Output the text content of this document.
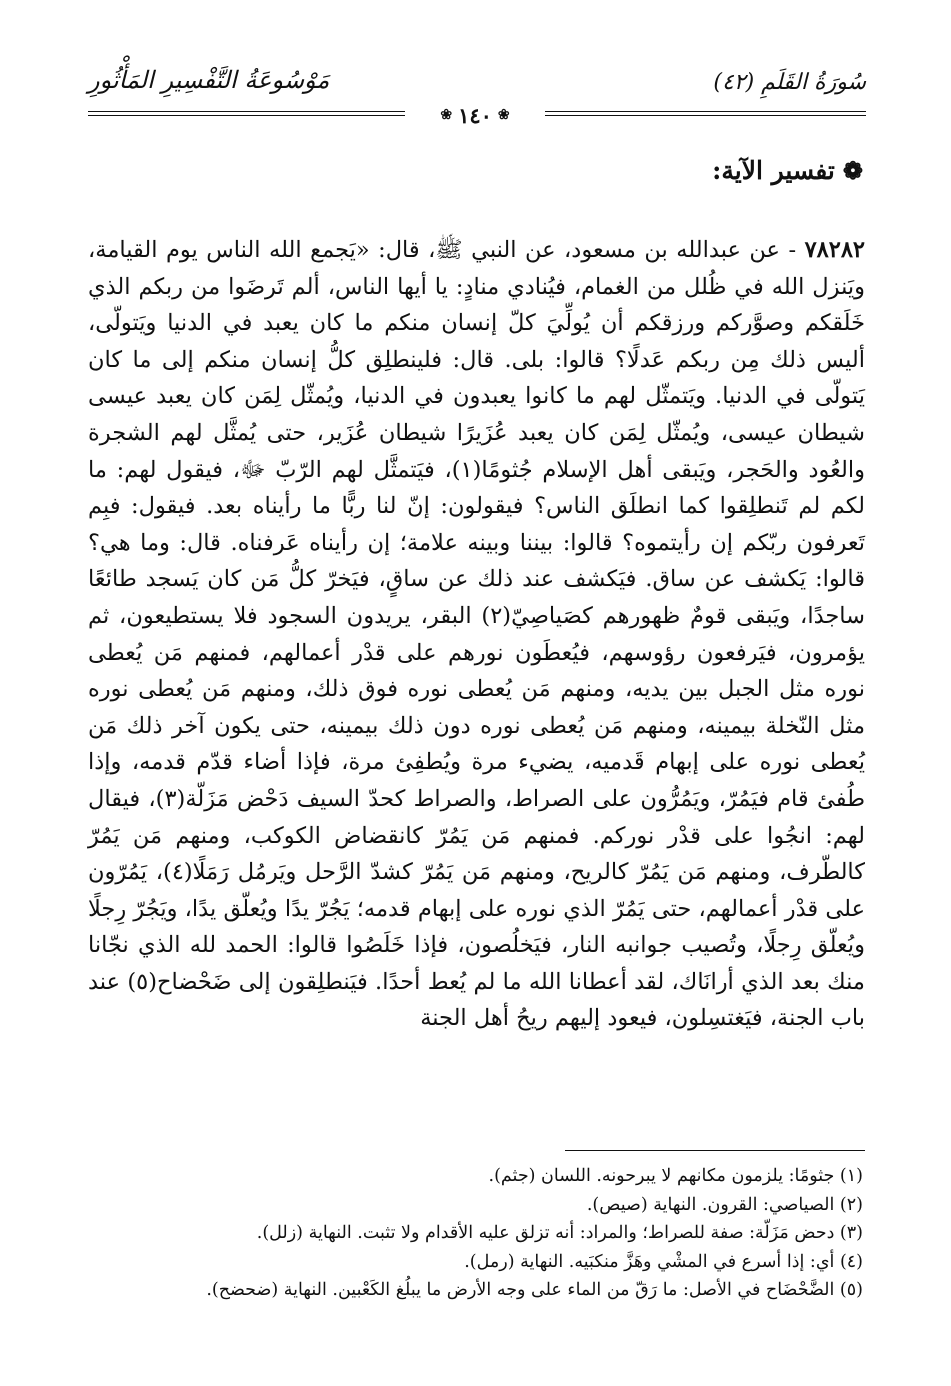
سُورَةُ القَلَمِ (٤٢)
مَوْسُوعَةُ التَّفْسِيرِ المَأْثُورِ
❀
١٤٠
❀
❁
تفسير الآية:

٧٨٢٨٢ - عن عبدالله بن مسعود، عن النبي ﷺ، قال: «يَجمع الله الناس يوم القيامة، ويَنزل الله في ظُلل من الغمام، فيُنادي منادٍ: يا أيها الناس، ألم تَرضَوا من ربكم الذي خَلَقكم وصوَّركم ورزقكم أن يُولِّيَ كلّ إنسان منكم ما كان يعبد في الدنيا ويَتولّى، أليس ذلك مِن ربكم عَدلًا؟ قالوا: بلى. قال: فلينطلِق كلُّ إنسان منكم إلى ما كان يَتولّى في الدنيا. ويَتمثّل لهم ما كانوا يعبدون في الدنيا، ويُمثّل لِمَن كان يعبد عيسى شيطان عيسى، ويُمثّل لِمَن كان يعبد عُزَيرًا شيطان عُزَير، حتى يُمثَّل لهم الشجرة والعُود والحَجر، ويَبقى أهل الإسلام جُثومًا(١)، فيَتمثَّل لهم الرّبّ ﷻ، فيقول لهم: ما لكم لم تَنطلِقوا كما انطلَق الناس؟ فيقولون: إنّ لنا ربًّا ما رأيناه بعد. فيقول: فبِم تَعرفون ربّكم إن رأيتموه؟ قالوا: بيننا وبينه علامة؛ إن رأيناه عَرفناه. قال: وما هي؟ قالوا: يَكشف عن ساق. فيَكشف عند ذلك عن ساقٍ، فيَخرّ كلُّ مَن كان يَسجد طائعًا ساجدًا، ويَبقى قومٌ ظهورهم كصَياصِيّ(٢) البقر، يريدون السجود فلا يستطيعون، ثم يؤمرون، فيَرفعون رؤوسهم، فيُعطَون نورهم على قدْر أعمالهم، فمنهم مَن يُعطى نوره مثل الجبل بين يديه، ومنهم مَن يُعطى نوره فوق ذلك، ومنهم مَن يُعطى نوره مثل النّخلة بيمينه، ومنهم مَن يُعطى نوره دون ذلك بيمينه، حتى يكون آخر ذلك مَن يُعطى نوره على إبهام قَدميه، يضيء مرة ويُطفِئ مرة، فإذا أضاء قدّم قدمه، وإذا طُفئ قام فيَمُرّ، ويَمُرُّون على الصراط، والصراط كحدّ السيف دَحْض مَزَلّة(٣)، فيقال لهم: انجُوا على قدْر نوركم. فمنهم مَن يَمُرّ كانقضاض الكوكب، ومنهم مَن يَمُرّ كالطّرف، ومنهم مَن يَمُرّ كالريح، ومنهم مَن يَمُرّ كشدّ الرَّحل ويَرمُل رَمَلًا(٤)، يَمُرّون على قدْر أعمالهم، حتى يَمُرّ الذي نوره على إبهام قدمه؛ يَجُرّ يدًا ويُعلّق يدًا، ويَجُرّ رِجلًا ويُعلّق رِجلًا، وتُصيب جوانبه النار، فيَخلُصون، فإذا خَلَصُوا قالوا: الحمد لله الذي نجّانا منك بعد الذي أرانَاك، لقد أعطانا الله ما لم يُعط أحدًا. فيَنطلِقون إلى ضَحْضاح(٥) عند باب الجنة، فيَغتسِلون، فيعود إليهم ريحُ أهل الجنة

(١) جثومًا: يلزمون مكانهم لا يبرحونه. اللسان (جثم).
(٢) الصياصي: القرون. النهاية (صيص).
(٣) دحض مَزَلّة: صفة للصراط؛ والمراد: أنه تزلق عليه الأقدام ولا تثبت. النهاية (زلل).
(٤) أي: إذا أسرع في المشْي وهَزَّ منكبَيه. النهاية (رمل).
(٥) الضَّحْضَاح في الأصل: ما رَقّ من الماء على وجه الأرض ما يبلُغ الكَعْبين. النهاية (ضحضح).
